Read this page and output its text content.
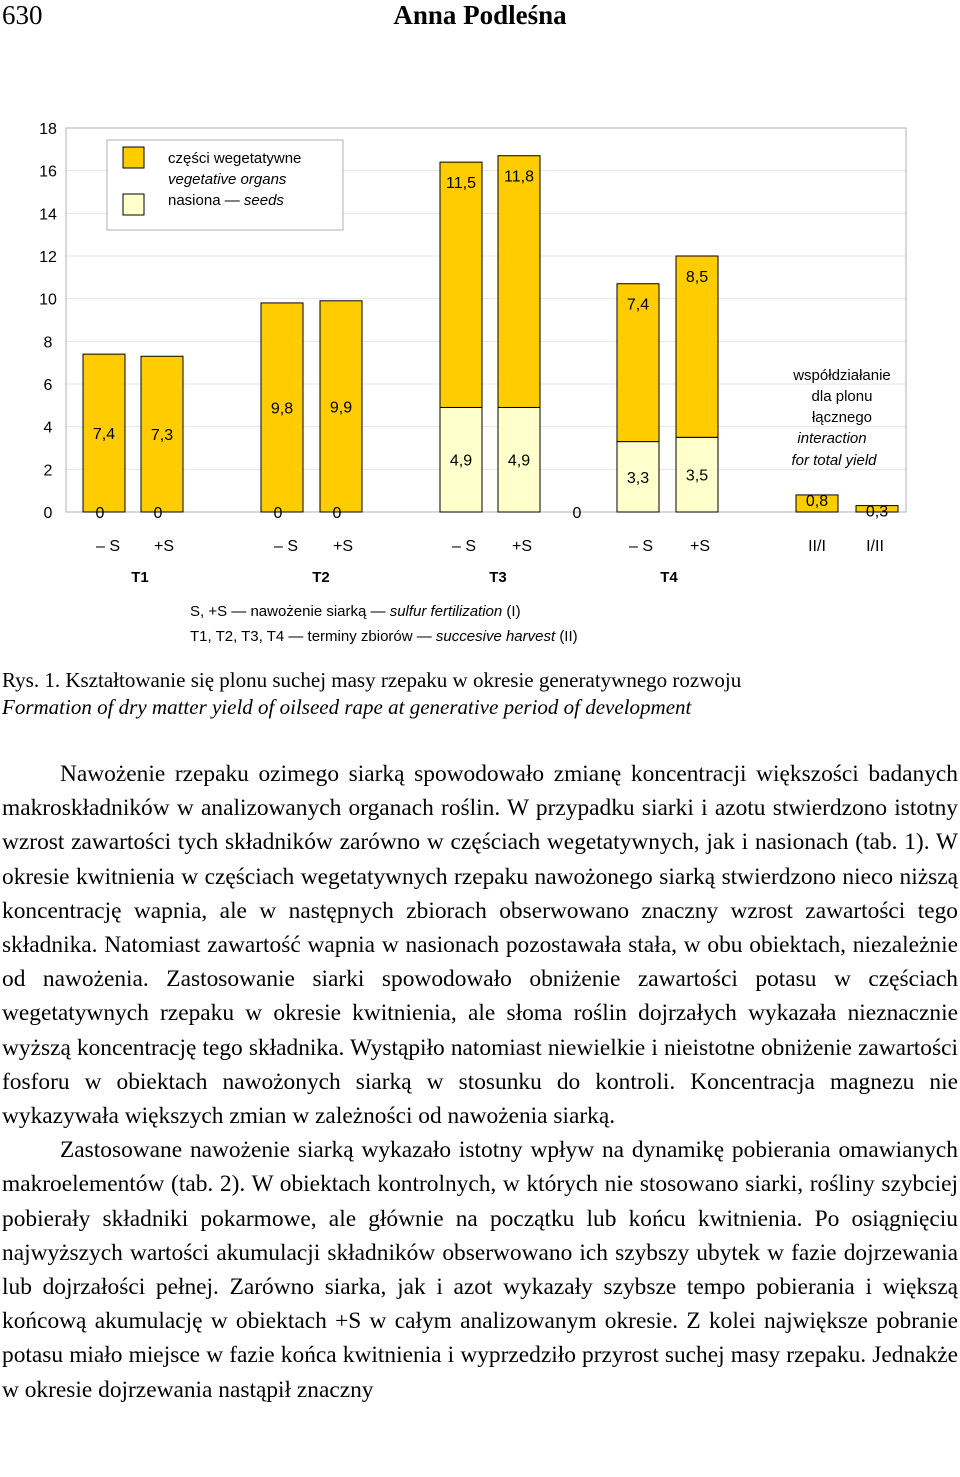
630	Anna Podleśna
18
16
14
12
10
8
6
4
2
0
części wegetatywne
vegetative organs
nasiona — seeds
7,4
0
– S
7,3
0
+S
T1
9,8
0
– S
9,9
0
+S
T2
11,5
4,9
– S
11,8
4,9
+S
T3
7,4
3,3
– S
8,5
3,5
+S
T4
0
0,8
II/I
0,3
I/II
współdziałanie
dla plonu
łącznego
interaction
for total yield
S, +S — nawożenie siarką — sulfur fertilization (I)
T1, T2, T3, T4 — terminy zbiorów — succesive harvest (II)
Rys. 1. Kształtowanie się plonu suchej masy rzepaku w okresie generatywnego rozwoju
Formation of dry matter yield of oilseed rape at generative period of development

Nawożenie rzepaku ozimego siarką spowodowało zmianę koncentracji większości badanych makroskładników w analizowanych organach roślin. W przypadku siarki i azotu stwierdzono istotny wzrost zawartości tych składników zarówno w częściach wegetatywnych, jak i nasionach (tab. 1). W okresie kwitnienia w częściach wegetatywnych rzepaku nawożonego siarką stwierdzono nieco niższą koncentrację wapnia, ale w następnych zbiorach obserwowano znaczny wzrost zawartości tego składnika. Natomiast zawartość wapnia w nasionach pozostawała stała, w obu obiektach, niezależnie od nawożenia. Zastosowanie siarki spowodowało obniżenie zawartości potasu w częściach wegetatywnych rzepaku w okresie kwitnienia, ale słoma roślin dojrzałych wykazała nieznacznie wyższą koncentrację tego składnika. Wystąpiło natomiast niewielkie i nieistotne obniżenie zawartości fosforu w obiektach nawożonych siarką w stosunku do kontroli. Koncentracja magnezu nie wykazywała większych zmian w zależności od nawożenia siarką.

Zastosowane nawożenie siarką wykazało istotny wpływ na dynamikę pobierania omawianych makroelementów (tab. 2). W obiektach kontrolnych, w których nie stosowano siarki, rośliny szybciej pobierały składniki pokarmowe, ale głównie na początku lub końcu kwitnienia. Po osiągnięciu najwyższych wartości akumulacji składników obserwowano ich szybszy ubytek w fazie dojrzewania lub dojrzałości pełnej. Zarówno siarka, jak i azot wykazały szybsze tempo pobierania i większą końcową akumulację w obiektach +S w całym analizowanym okresie. Z kolei największe pobranie potasu miało miejsce w fazie końca kwitnienia i wyprzedziło przyrost suchej masy rzepaku. Jednakże w okresie dojrzewania nastąpił znaczny
